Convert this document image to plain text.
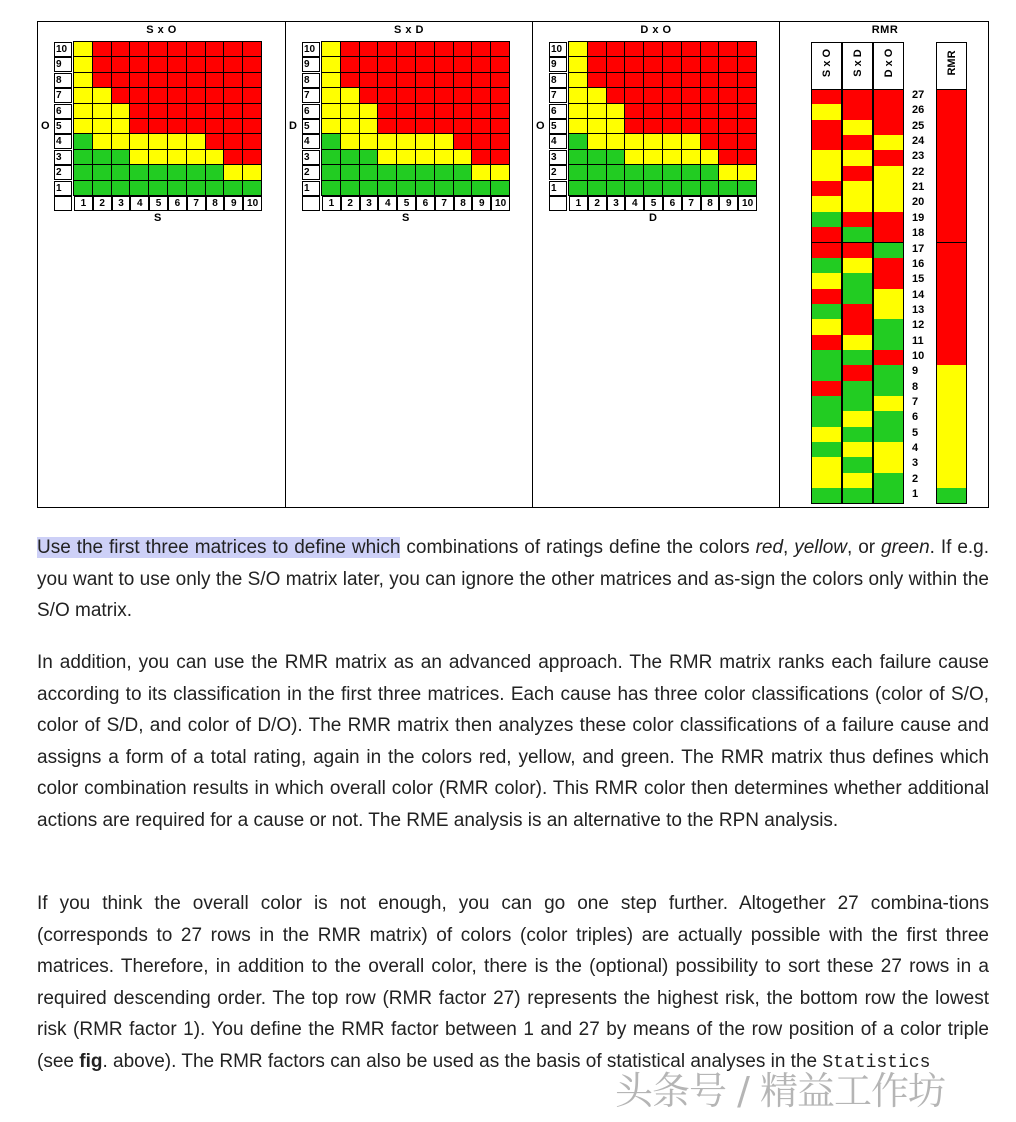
S x O
O
10
9
8
7
6
5
4
3
2
1
1	2	3	4	5	6	7	8	9	10
S
S x D
D
10
9
8
7
6
5
4
3
2
1
1	2	3	4	5	6	7	8	9	10
S
D x O
O
10
9
8
7
6
5
4
3
2
1
1	2	3	4	5	6	7	8	9	10
D
RMR
S x O S x D D x O	RMR
27
26
25
24
23
22
21
20
19
18
17
16
15
14
13
12
11
10
9
8
7
6
5
4
3
2
1

Use the first three matrices to define which combinations of ratings define the colors red, yellow, or green. If e.g. you want to use only the S/O matrix later, you can ignore the other matrices and as-sign the colors only within the S/O matrix.

In addition, you can use the RMR matrix as an advanced approach. The RMR matrix ranks each failure cause according to its classification in the first three matrices. Each cause has three color classifications (color of S/O, color of S/D, and color of D/O). The RMR matrix then analyzes these color classifications of a failure cause and assigns a form of a total rating, again in the colors red, yellow, and green. The RMR matrix thus defines which color combination results in which overall color (RMR color). This RMR color then determines whether additional actions are required for a cause or not. The RME analysis is an alternative to the RPN analysis.

If you think the overall color is not enough, you can go one step further. Altogether 27 combina-tions (corresponds to 27 rows in the RMR matrix) of colors (color triples) are actually possible with the first three matrices. Therefore, in addition to the overall color, there is the (optional) possibility to sort these 27 rows in a required descending order. The top row (RMR factor 27) represents the highest risk, the bottom row the lowest risk (RMR factor 1). You define the RMR factor between 1 and 27 by means of the row position of a color triple (see fig. above). The RMR factors can also be used as the basis of statistical analyses in the Statistics

头条号 / 精益工作坊
